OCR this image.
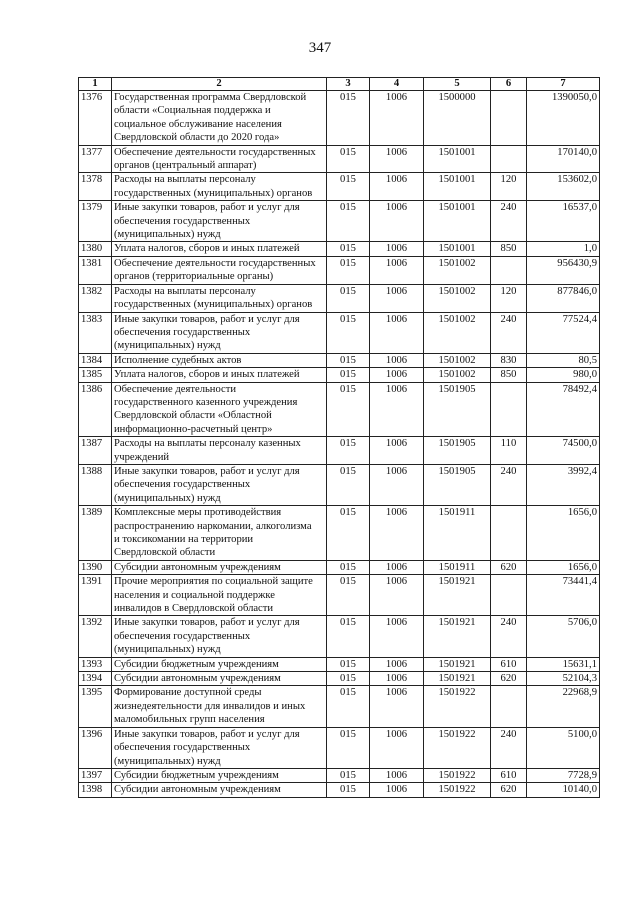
347
1	2	3	4	5	6	7
1376	Государственная программа Свердловской
области «Социальная поддержка и
социальное обслуживание населения
Свердловской области до 2020 года»	015	1006	1500000		1390050,0
1377	Обеспечение деятельности государственных
органов (центральный аппарат)	015	1006	1501001		170140,0
1378	Расходы на выплаты персоналу
государственных (муниципальных) органов	015	1006	1501001	120	153602,0
1379	Иные закупки товаров, работ и услуг для
обеспечения государственных
(муниципальных) нужд	015	1006	1501001	240	16537,0
1380	Уплата налогов, сборов и иных платежей	015	1006	1501001	850	1,0
1381	Обеспечение деятельности государственных
органов (территориальные органы)	015	1006	1501002		956430,9
1382	Расходы на выплаты персоналу
государственных (муниципальных) органов	015	1006	1501002	120	877846,0
1383	Иные закупки товаров, работ и услуг для
обеспечения государственных
(муниципальных) нужд	015	1006	1501002	240	77524,4
1384	Исполнение судебных актов	015	1006	1501002	830	80,5
1385	Уплата налогов, сборов и иных платежей	015	1006	1501002	850	980,0
1386	Обеспечение деятельности
государственного казенного учреждения
Свердловской области «Областной
информационно-расчетный центр»	015	1006	1501905		78492,4
1387	Расходы на выплаты персоналу казенных
учреждений	015	1006	1501905	110	74500,0
1388	Иные закупки товаров, работ и услуг для
обеспечения государственных
(муниципальных) нужд	015	1006	1501905	240	3992,4
1389	Комплексные меры противодействия
распространению наркомании, алкоголизма
и токсикомании на территории
Свердловской области	015	1006	1501911		1656,0
1390	Субсидии автономным учреждениям	015	1006	1501911	620	1656,0
1391	Прочие мероприятия по социальной защите
населения и социальной поддержке
инвалидов в Свердловской области	015	1006	1501921		73441,4
1392	Иные закупки товаров, работ и услуг для
обеспечения государственных
(муниципальных) нужд	015	1006	1501921	240	5706,0
1393	Субсидии бюджетным учреждениям	015	1006	1501921	610	15631,1
1394	Субсидии автономным учреждениям	015	1006	1501921	620	52104,3
1395	Формирование доступной среды
жизнедеятельности для инвалидов и иных
маломобильных групп населения	015	1006	1501922		22968,9
1396	Иные закупки товаров, работ и услуг для
обеспечения государственных
(муниципальных) нужд	015	1006	1501922	240	5100,0
1397	Субсидии бюджетным учреждениям	015	1006	1501922	610	7728,9
1398	Субсидии автономным учреждениям	015	1006	1501922	620	10140,0
